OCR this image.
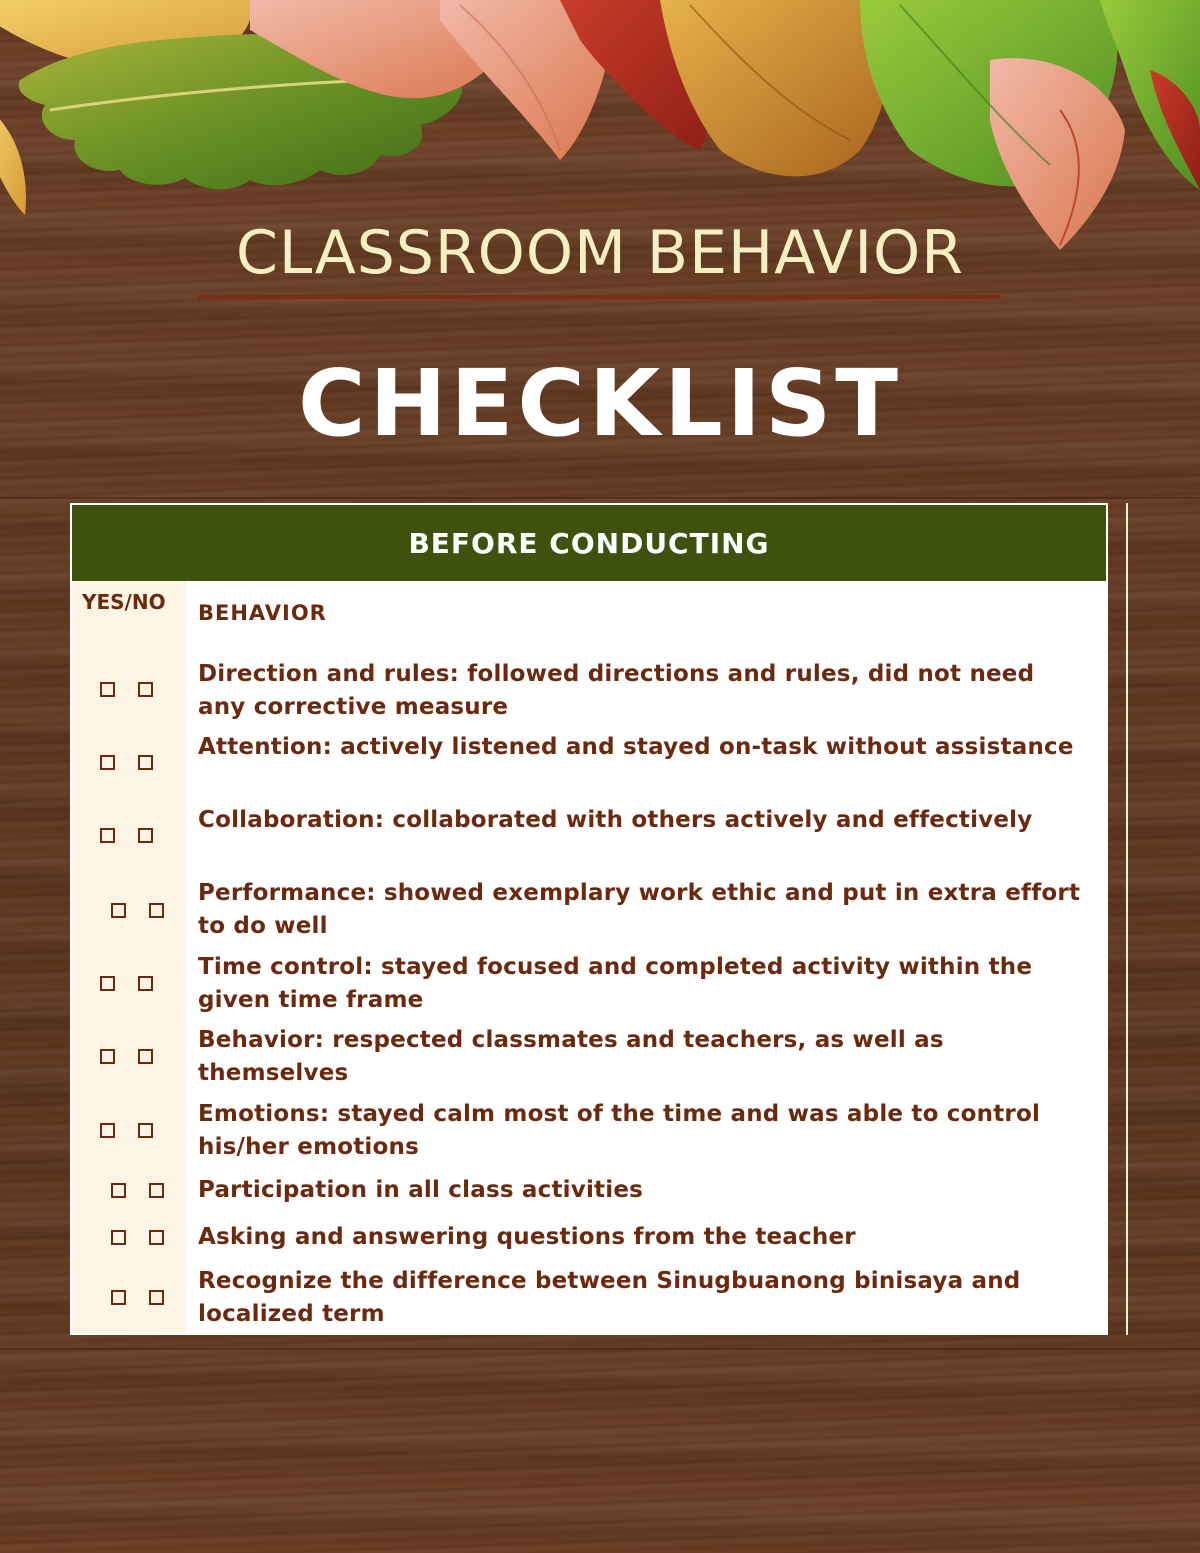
CLASSROOM BEHAVIOR
CHECKLIST
BEFORE CONDUCTING
YES/NO	BEHAVIOR
Direction and rules: followed directions and rules, did not need any corrective measure
Attention: actively listened and stayed on-task without assistance
Collaboration: collaborated with others actively and effectively
Performance: showed exemplary work ethic and put in extra effort to do well
Time control: stayed focused and completed activity within the given time frame
Behavior: respected classmates and teachers, as well as themselves
Emotions: stayed calm most of the time and was able to control his/her emotions
Participation in all class activities
Asking and answering questions from the teacher
Recognize the difference between Sinugbuanong binisaya and localized term
